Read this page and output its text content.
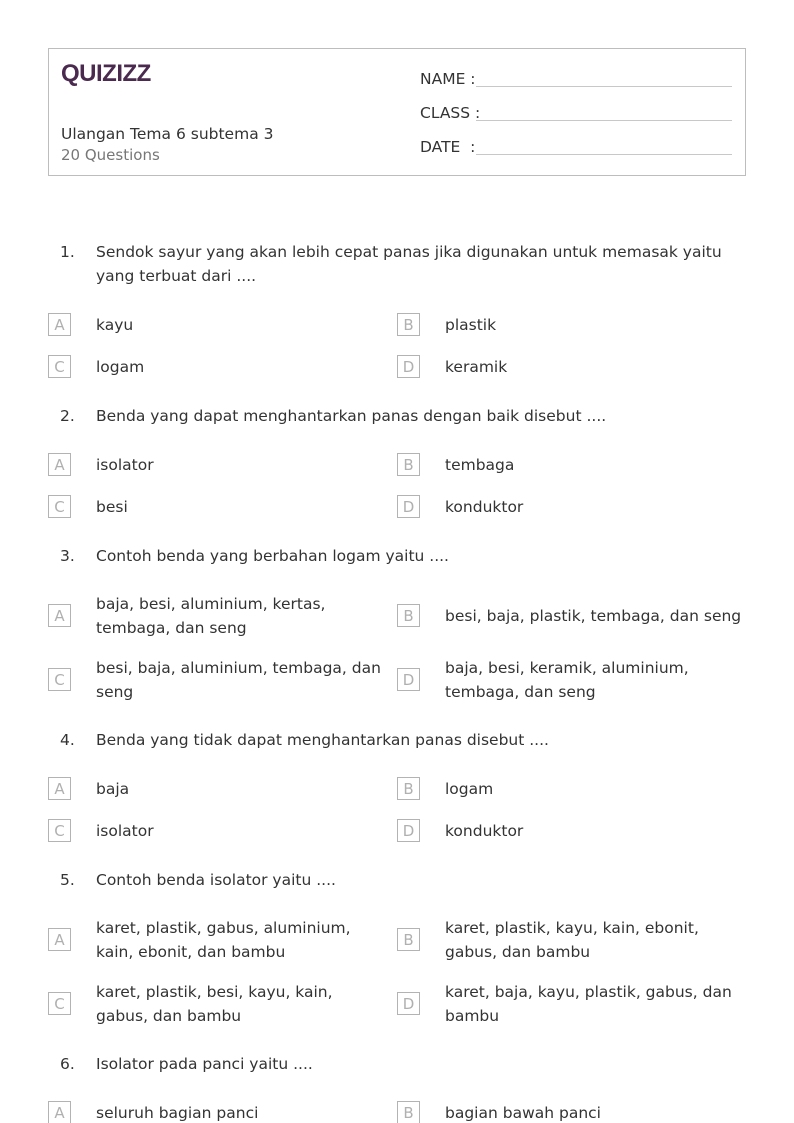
QUIZIZZ
Ulangan Tema 6 subtema 3
20 Questions
NAME :
CLASS :
DATE  :
1. Sendok sayur yang akan lebih cepat panas jika digunakan untuk memasak yaitu yang terbuat dari ....
A	kayu	B	plastik
C	logam	D	keramik
2. Benda yang dapat menghantarkan panas dengan baik disebut ....
A	isolator	B	tembaga
C	besi	D	konduktor
3. Contoh benda yang berbahan logam yaitu ....
A
baja, besi, aluminium, kertas, tembaga, dan seng
B	besi, baja, plastik, tembaga, dan seng
C
besi, baja, aluminium, tembaga, dan seng
D
baja, besi, keramik, aluminium, tembaga, dan seng
4. Benda yang tidak dapat menghantarkan panas disebut ....
A	baja	B	logam
C	isolator	D	konduktor
5. Contoh benda isolator yaitu ....
A
karet, plastik, gabus, aluminium, kain, ebonit, dan bambu
B
karet, plastik, kayu, kain, ebonit, gabus, dan bambu
C
karet, plastik, besi, kayu, kain, gabus, dan bambu
D
karet, baja, kayu, plastik, gabus, dan bambu
6. Isolator pada panci yaitu ....
A	seluruh bagian panci	B	bagian bawah panci
